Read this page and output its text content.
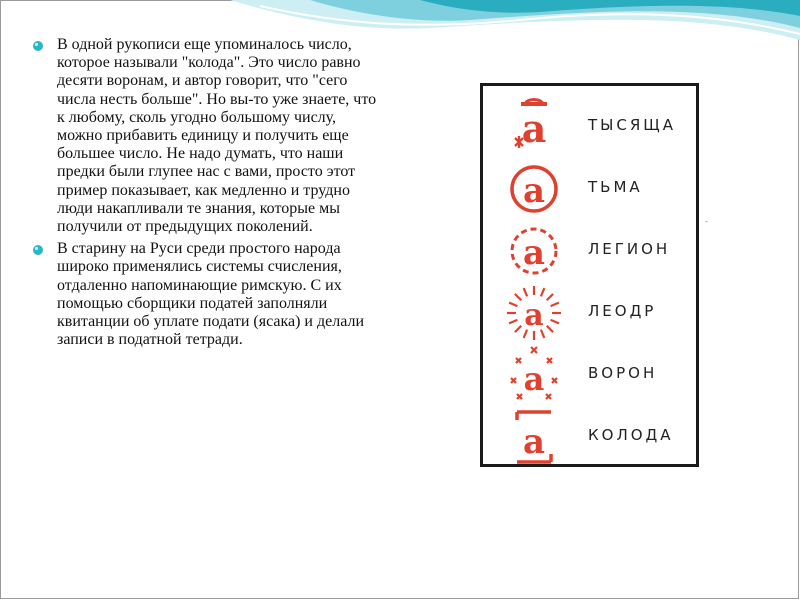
В одной рукописи еще упоминалось число, которое называли "колода". Это число равно десяти воронам, и автор говорит, что "сего числа несть больше". Но вы-то уже знаете, что к любому, сколь угодно большому числу, можно прибавить единицу и получить еще большее число. Не надо думать, что наши предки были глупее нас с вами, просто этот пример показывает, как медленно и трудно люди накапливали те знания, которые мы получили от предыдущих поколений.
В старину на Руси среди простого народа широко применялись системы счисления, отдаленно напоминающие римскую. С их помощью сборщики податей заполняли квитанции об уплате подати (ясака) и делали записи в податной тетради.
а	ТЫСЯЩА
а	ТЬМА
а	ЛЕГИОН
а	ЛЕОДР
а	ВОРОН
а	КОЛОДА
-
